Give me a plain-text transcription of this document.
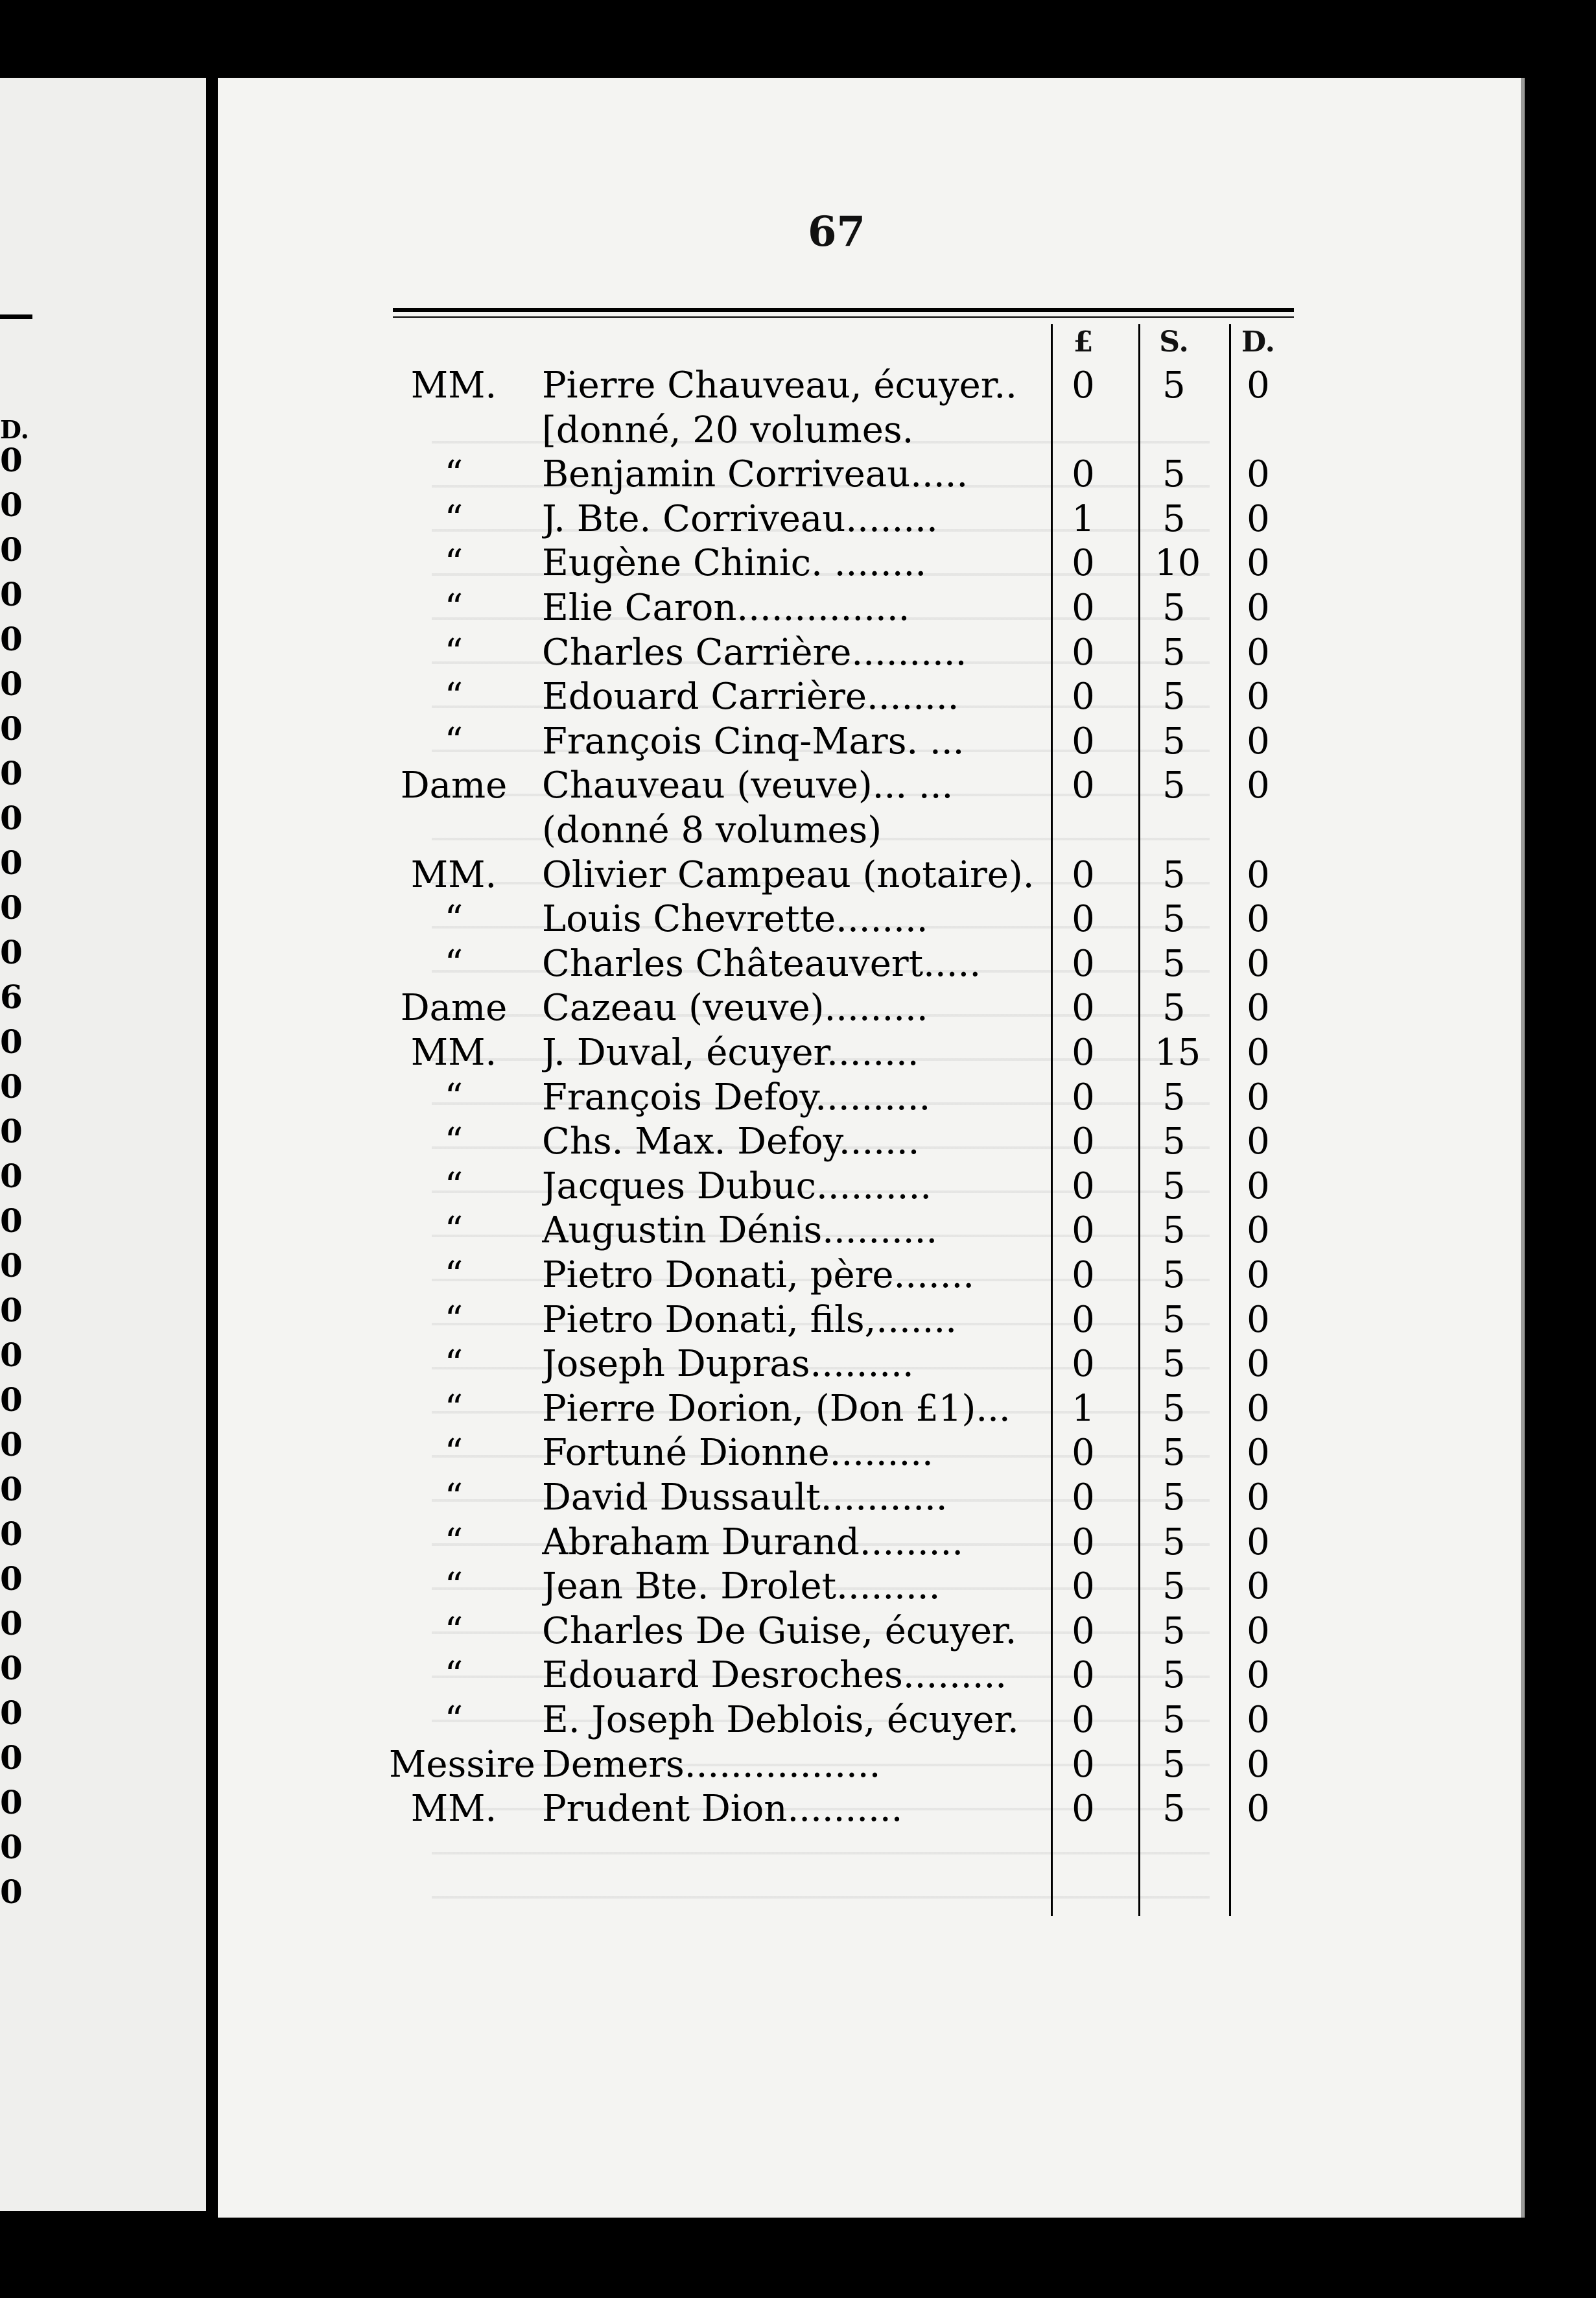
D.
0
0
0
0
0
0
0
0
0
0
0
0
6
0
0
0
0
0
0
0
0
0
0
0
0
0
0
0
0
0
0
0
0
67
£	S. D.
MM.	Pierre Chauveau, écuyer..	0 5 0
[donné, 20 volumes.
“	Benjamin Corriveau.....	0 5 0
“	J. Bte. Corriveau........	1 5 0
“	Eugène Chinic. ........	0 10 0
“	Elie Caron...............	0 5 0
“	Charles Carrière..........	0 5 0
“	Edouard Carrière........	0 5 0
“	François Cinq-Mars. ...	0 5 0
Dame Chauveau (veuve)... ...	0 5 0
(donné 8 volumes)
MM.	Olivier Campeau (notaire).	0 5 0
“	Louis Chevrette........	0 5 0
“	Charles Châteauvert.....	0 5 0
Dame Cazeau (veuve).........	0 5 0
MM.	J. Duval, écuyer........	0 15 0
“	François Defoy..........	0 5 0
“	Chs. Max. Defoy.......	0 5 0
“	Jacques Dubuc..........	0 5 0
“	Augustin Dénis..........	0 5 0
“	Pietro Donati, père.......	0 5 0
“	Pietro Donati, fils,.......	0 5 0
“	Joseph Dupras.........	0 5 0
“	Pierre Dorion, (Don £1)...	1 5 0
“	Fortuné Dionne.........	0 5 0
“	David Dussault...........	0 5 0
“	Abraham Durand.........	0 5 0
“	Jean Bte. Drolet.........	0 5 0
“	Charles De Guise, écuyer.	0 5 0
“	Edouard Desroches.........	0 5 0
“	E. Joseph Deblois, écuyer.	0 5 0
Messire Demers.................	0 5 0
MM.	Prudent Dion..........	0 5 0
